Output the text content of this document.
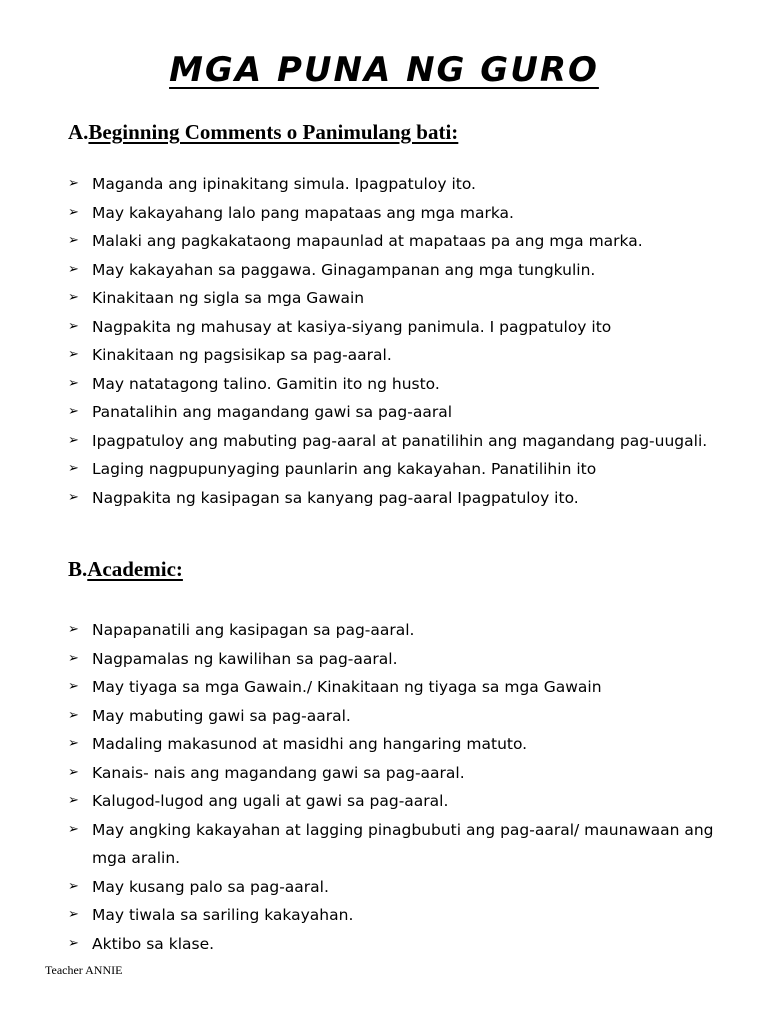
MGA PUNA NG GURO
A.Beginning Comments o Panimulang bati:
➢ Maganda ang ipinakitang simula. Ipagpatuloy ito.
➢ May kakayahang lalo pang mapataas ang mga marka.
➢ Malaki ang pagkakataong mapaunlad at mapataas pa ang mga marka.
➢ May kakayahan sa paggawa. Ginagampanan ang mga tungkulin.
➢ Kinakitaan ng sigla sa mga Gawain
➢ Nagpakita ng mahusay at kasiya-siyang panimula. I pagpatuloy ito
➢ Kinakitaan ng pagsisikap sa pag-aaral.
➢ May natatagong talino. Gamitin ito ng husto.
➢ Panatalihin ang magandang gawi sa pag-aaral
➢ Ipagpatuloy ang mabuting pag-aaral at panatilihin ang magandang pag-uugali.
➢ Laging nagpupunyaging paunlarin ang kakayahan. Panatilihin ito
➢ Nagpakita ng kasipagan sa kanyang pag-aaral Ipagpatuloy ito.
B.Academic:
➢ Napapanatili ang kasipagan sa pag-aaral.
➢ Nagpamalas ng kawilihan sa pag-aaral.
➢ May tiyaga sa mga Gawain./ Kinakitaan ng tiyaga sa mga Gawain
➢ May mabuting gawi sa pag-aaral.
➢ Madaling makasunod at masidhi ang hangaring matuto.
➢ Kanais- nais ang magandang gawi sa pag-aaral.
➢ Kalugod-lugod ang ugali at gawi sa pag-aaral.
➢ May angking kakayahan at lagging pinagbubuti ang pag-aaral/ maunawaan ang mga aralin.
➢ May kusang palo sa pag-aaral.
➢ May tiwala sa sariling kakayahan.
➢ Aktibo sa klase.
Teacher ANNIE
